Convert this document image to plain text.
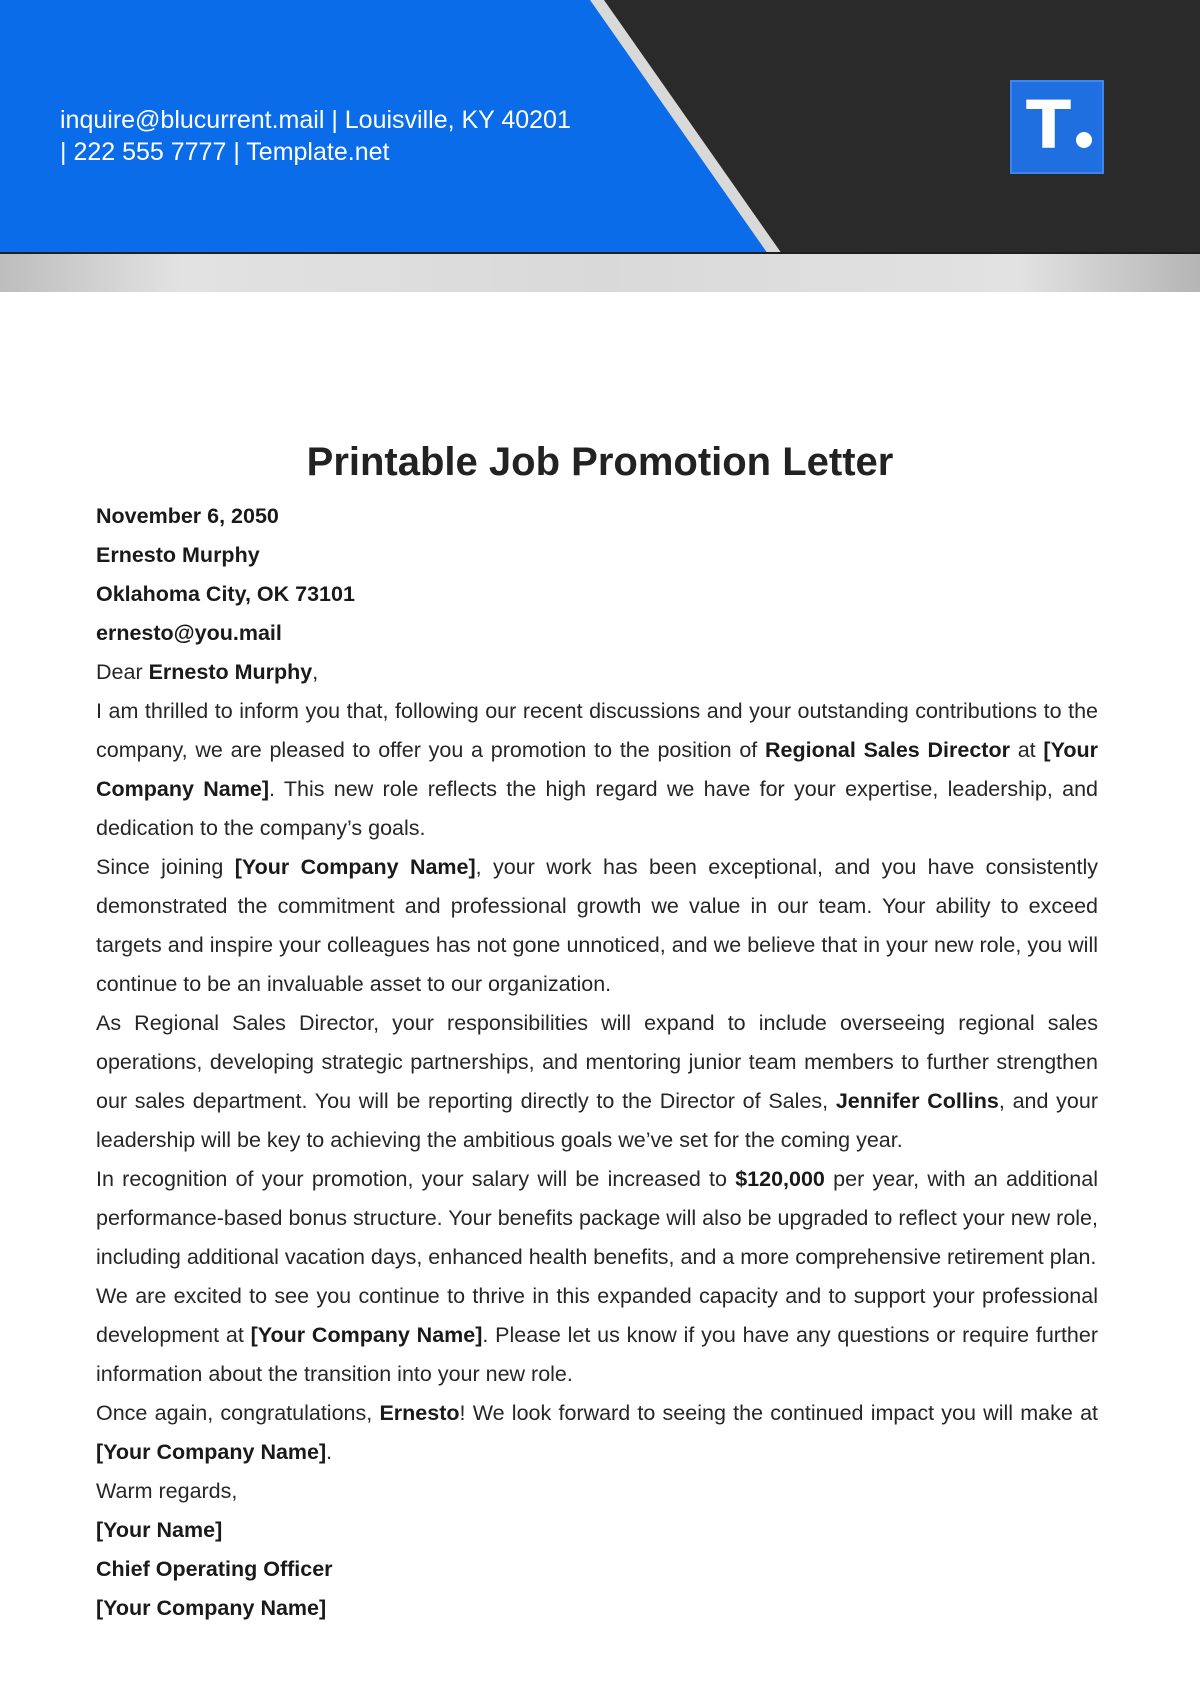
inquire@blucurrent.mail | Louisville, KY 40201
| 222 555 7777 | Template.net	T
Printable Job Promotion Letter

November 6, 2050

Ernesto Murphy

Oklahoma City, OK 73101

ernesto@you.mail

Dear Ernesto Murphy,

I am thrilled to inform you that, following our recent discussions and your outstanding contributions to the company, we are pleased to offer you a promotion to the position of Regional Sales Director at [Your Company Name]. This new role reflects the high regard we have for your expertise, leadership, and dedication to the company’s goals.

Since joining [Your Company Name], your work has been exceptional, and you have consistently demonstrated the commitment and professional growth we value in our team. Your ability to exceed targets and inspire your colleagues has not gone unnoticed, and we believe that in your new role, you will continue to be an invaluable asset to our organization.

As Regional Sales Director, your responsibilities will expand to include overseeing regional sales operations, developing strategic partnerships, and mentoring junior team members to further strengthen our sales department. You will be reporting directly to the Director of Sales, Jennifer Collins, and your leadership will be key to achieving the ambitious goals we’ve set for the coming year.

In recognition of your promotion, your salary will be increased to $120,000 per year, with an additional performance-based bonus structure. Your benefits package will also be upgraded to reflect your new role, including additional vacation days, enhanced health benefits, and a more comprehensive retirement plan.

We are excited to see you continue to thrive in this expanded capacity and to support your professional development at [Your Company Name]. Please let us know if you have any questions or require further information about the transition into your new role.

Once again, congratulations, Ernesto! We look forward to seeing the continued impact you will make at [Your Company Name].

Warm regards,

[Your Name]

Chief Operating Officer

[Your Company Name]
